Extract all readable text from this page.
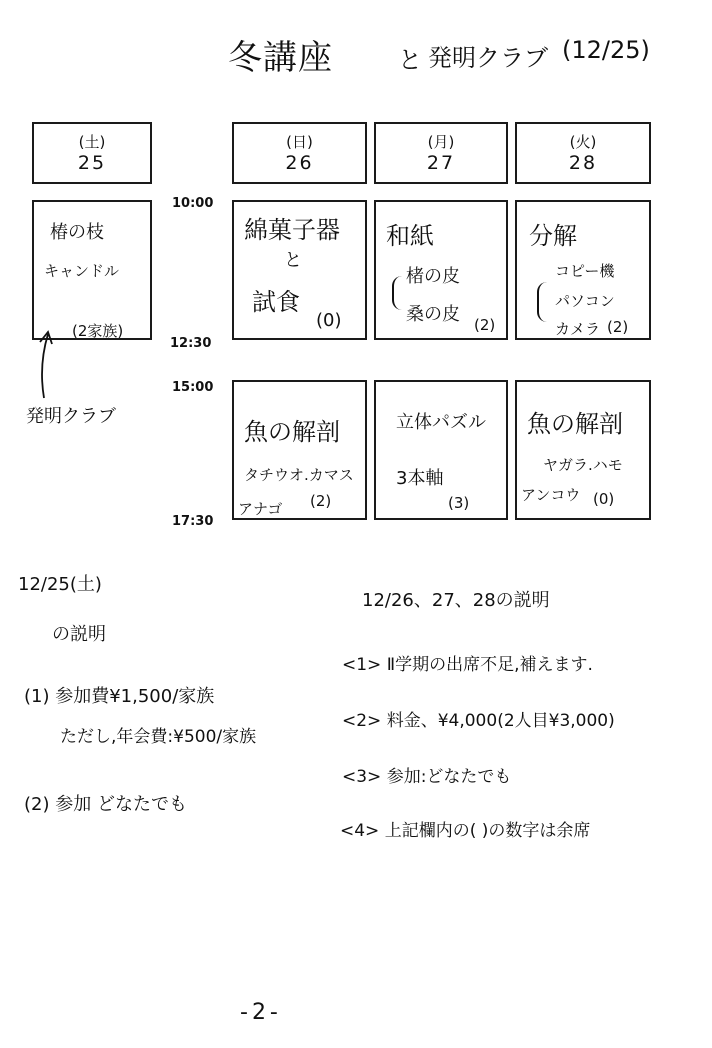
冬講座	と 発明クラブ (12/25)
(土)
25
(日)
26
(月)
27
(火)
28
10:00
12:30
15:00
17:30
椿の枝
キャンドル
(2家族)
発明クラブ
綿菓子器
と
試食
(0)
和紙
楮の皮
桑の皮 (2)
分解
コピー機
パソコン
カメラ (2)
魚の解剖
タチウオ.カマス
アナゴ (2)
立体パズル
3本軸
(3)
魚の解剖
ヤガラ.ハモ
アンコウ (0)
12/25(土)
の説明
(1) 参加費¥1,500/家族
ただし,年会費:¥500/家族
(2) 参加 どなたでも
12/26、27、28の説明
<1> Ⅱ学期の出席不足,補えます.
<2> 料金、¥4,000(2人目¥3,000)
<3> 参加:どなたでも
<4> 上記欄内の( )の数字は余席
-2-
